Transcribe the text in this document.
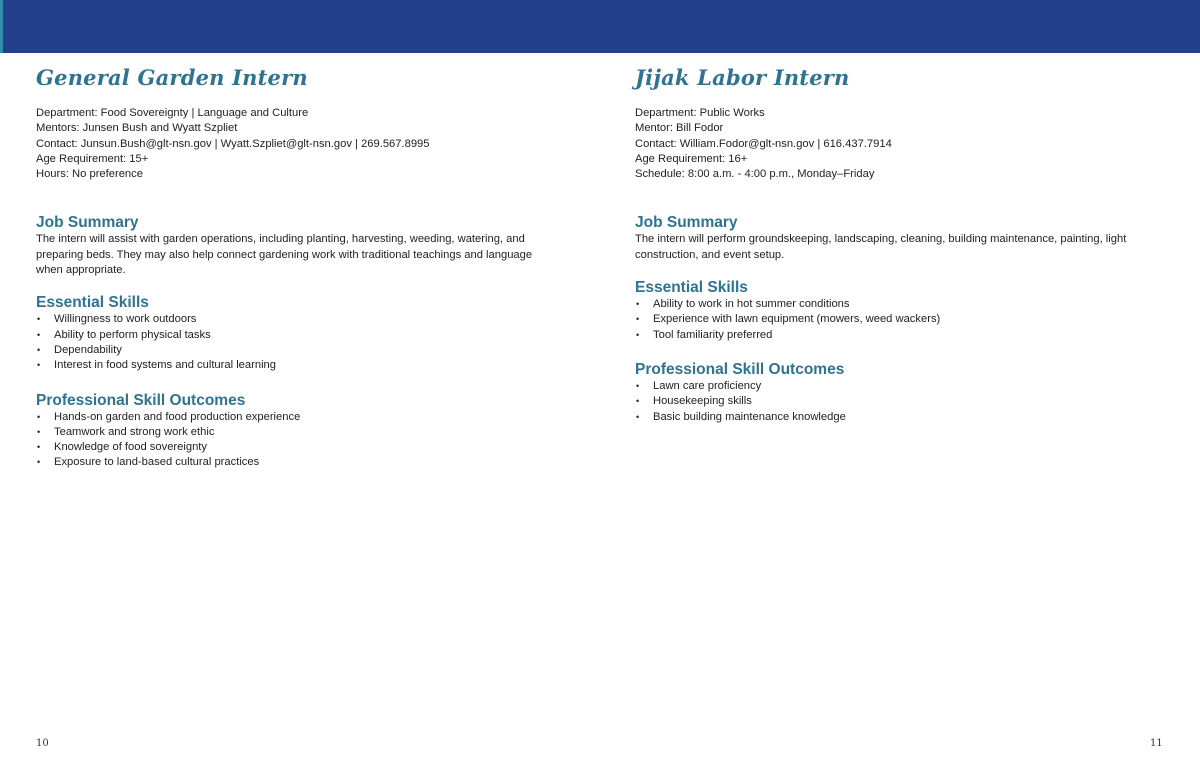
General Garden Intern
Department: Food Sovereignty | Language and Culture
Mentors: Junsen Bush and Wyatt Szpliet
Contact: Junsun.Bush@glt-nsn.gov | Wyatt.Szpliet@glt-nsn.gov | 269.567.8995
Age Requirement: 15+
Hours: No preference
Job Summary
The intern will assist with garden operations, including planting, harvesting, weeding, watering, and
preparing beds. They may also help connect gardening work with traditional teachings and language
when appropriate.
Essential Skills
• Willingness to work outdoors
• Ability to perform physical tasks
• Dependability
• Interest in food systems and cultural learning
Professional Skill Outcomes
• Hands-on garden and food production experience
• Teamwork and strong work ethic
• Knowledge of food sovereignty
• Exposure to land-based cultural practices
Jijak Labor Intern
Department: Public Works
Mentor: Bill Fodor
Contact: William.Fodor@glt-nsn.gov | 616.437.7914
Age Requirement: 16+
Schedule: 8:00 a.m. - 4:00 p.m., Monday–Friday
Job Summary
The intern will perform groundskeeping, landscaping, cleaning, building maintenance, painting, light
construction, and event setup.
Essential Skills
• Ability to work in hot summer conditions
• Experience with lawn equipment (mowers, weed wackers)
• Tool familiarity preferred
Professional Skill Outcomes
• Lawn care proficiency
• Housekeeping skills
• Basic building maintenance knowledge
10	11
